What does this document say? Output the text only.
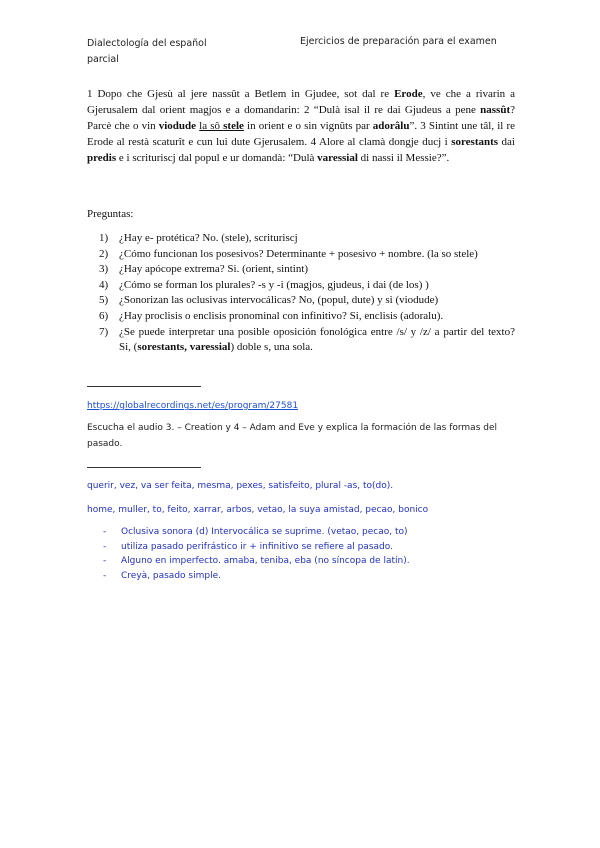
Dialectología del español parcial
Ejercicios de preparación para el examen
1 Dopo che Gjesù al jere nassût a Betlem in Gjudee, sot dal re Erode, ve che a rivarin a Gjerusalem dal orient magjos e a domandarin: 2 “Dulà isal il re dai Gjudeus a pene nassût? Parcè che o vin viodude la sô stele in orient e o sin vignûts par adorâlu”. 3 Sintint une tâl, il re Erode al restà scaturît e cun lui dute Gjerusalem. 4 Alore al clamà dongje ducj i sorestants dai predis e i scrituriscj dal popul e ur domandà: “Dulà varessial di nassi il Messie?”.
Preguntas:
1) ¿Hay e- protética? No. (stele), scrituriscj
2) ¿Cómo funcionan los posesivos? Determinante + posesivo + nombre. (la so stele)
3) ¿Hay apócope extrema? Si. (orient, sintint)
4) ¿Cómo se forman los plurales? -s y -i (magjos, gjudeus, i dai (de los) )
5) ¿Sonorizan las oclusivas intervocálicas? No, (popul, dute) y si (viodude)
6) ¿Hay proclisis o enclisis pronominal con infinitivo? Si, enclisis (adoralu).
7) ¿Se puede interpretar una posible oposición fonológica entre /s/ y /z/ a partir del texto? Si, (sorestants, varessial) doble s, una sola.
https://globalrecordings.net/es/program/27581
Escucha el audio 3. – Creation y 4 – Adam and Eve y explica la formación de las formas del pasado.
querir, vez, va ser feita, mesma, pexes, satisfeito, plural -as, to(do).
home, muller, to, feito, xarrar, arbos, vetao, la suya amistad, pecao, bonico
-	Oclusiva sonora (d) Intervocálica se suprime. (vetao, pecao, to)
-	utiliza pasado perifrástico ir + infinitivo se refiere al pasado.
-	Alguno en imperfecto. amaba, teniba, eba (no síncopa de latín).
-	Creyà, pasado simple.
